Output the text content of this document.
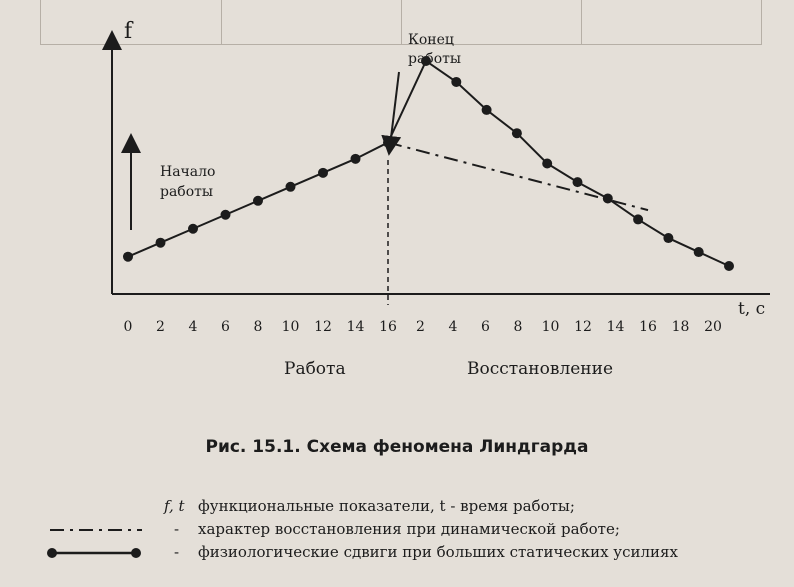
0 2 4 6 8 10 12 14 16 2 4 6 8 10 12 14 16 18 20
f
t, c
Начало
работы
Конец
работы
Работа	Восстановление
Рис. 15.1. Схема феномена Линдгарда
f, t функциональные показатели, t - время работы;
- характер восстановления при динамической работе;
- физиологические сдвиги при больших статических усилиях
